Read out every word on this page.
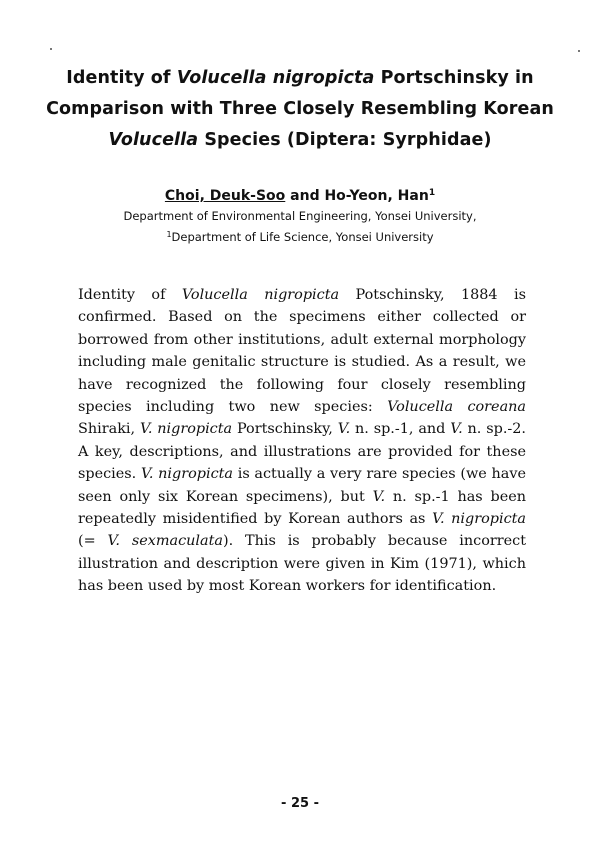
Identity of Volucella nigropicta Portschinsky in
Comparison with Three Closely Resembling Korean
Volucella Species (Diptera: Syrphidae)
Choi, Deuk-Soo and Ho-Yeon, Han$^1$
Department of Environmental Engineering, Yonsei University,
$^1$Department of Life Science, Yonsei University
Identity of Volucella nigropicta Potschinsky, 1884 is confirmed. Based on the specimens either collected or borrowed from other institutions, adult external morphology including male genitalic structure is studied. As a result, we have recognized the following four closely resembling species including two new species: Volucella coreana Shiraki, V. nigropicta Portschinsky, V. n. sp.-1, and V. n. sp.-2. A key, descriptions, and illustrations are provided for these species. V. nigropicta is actually a very rare species (we have seen only six Korean specimens), but V. n. sp.-1 has been repeatedly misidentified by Korean authors as V. nigropicta (= V. sexmaculata). This is probably because incorrect illustration and description were given in Kim (1971), which has been used by most Korean workers for identification.
- 25 -
